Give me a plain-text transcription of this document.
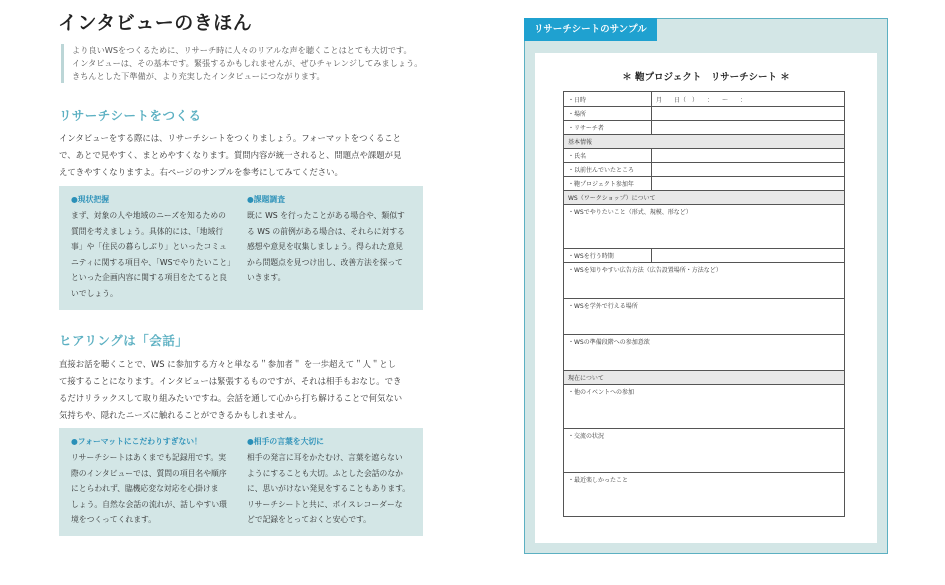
インタビューのきほん

より良いWSをつくるために、リサーチ時に人々のリアルな声を聴くことはとても大切です。

インタビューは、その基本です。緊張するかもしれませんが、ぜひチャレンジしてみましょう。

きちんとした下準備が、より充実したインタビューにつながります。

リサーチシートをつくる

インタビューをする際には、リサーチシートをつくりましょう。フォーマットをつくること

で、あとで見やすく、まとめやすくなります。質問内容が統一されると、問題点や課題が見

えてきやすくなりますよ。右ページのサンプルを参考にしてみてください。

●現状把握

まず、対象の人や地域のニーズを知るための

質問を考えましょう。具体的には、「地域行

事」や「住民の暮らしぶり」といったコミュ

ニティに関する項目や、「WSでやりたいこと」

といった企画内容に関する項目をたてると良

いでしょう。

●課題調査

既に WS を行ったことがある場合や、類似す

る WS の前例がある場合は、それらに対する

感想や意見を収集しましょう。得られた意見

から問題点を見つけ出し、改善方法を探って

いきます。

ヒアリングは「会話」

直接お話を聴くことで、WS に参加する方々と単なる＂参加者＂ を一歩超えて＂人＂とし

て接することになります。インタビューは緊張するものですが、それは相手もおなじ。でき

るだけリラックスして取り組みたいですね。会話を通して心から打ち解けることで何気ない

気持ちや、隠れたニーズに触れることができるかもしれません。

●フォーマットにこだわりすぎない！

リサーチシートはあくまでも記録用です。実

際のインタビューでは、質問の項目名や順序

にとらわれず、臨機応変な対応を心掛けま

しょう。自然な会話の流れが、話しやすい環

境をつくってくれます。

●相手の言葉を大切に

相手の発言に耳をかたむけ、言葉を遮らない

ようにすることも大切。ふとした会話のなか

に、思いがけない発見をすることもあります。

リサーチシートと共に、ボイスレコーダーな

どで記録をとっておくと安心です。

リサーチシートのサンプル
＊ 鞄プロジェクト　リサーチシート ＊
・日時	月　　日（　）　　：　　〜　　：
・場所
・リサーチ者
基本情報
・氏名
・以前住んでいたところ
・鞄プロジェクト参加年
WS（ワークショップ）について
・WSでやりたいこと（形式、規模、形など）
・WSを行う時期
・WSを知りやすい広告方法（広告設置場所・方法など）
・WSを学外で行える場所
・WSの準備段階への参加意欲
現在について
・他のイベントへの参加
・交流の状況
・最近楽しかったこと
